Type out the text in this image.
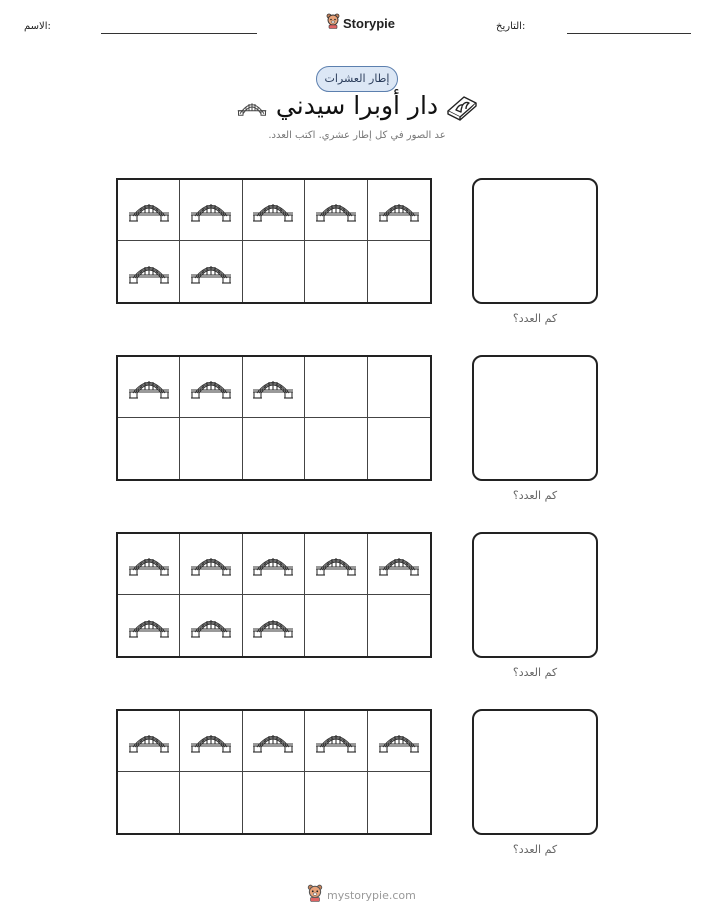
الاسم:	Storypie	التاريخ:
إطار العشرات
دار أوبرا سيدني
عد الصور في كل إطار عشري. اكتب العدد.
كم العدد؟
كم العدد؟
كم العدد؟
كم العدد؟
mystorypie.com
